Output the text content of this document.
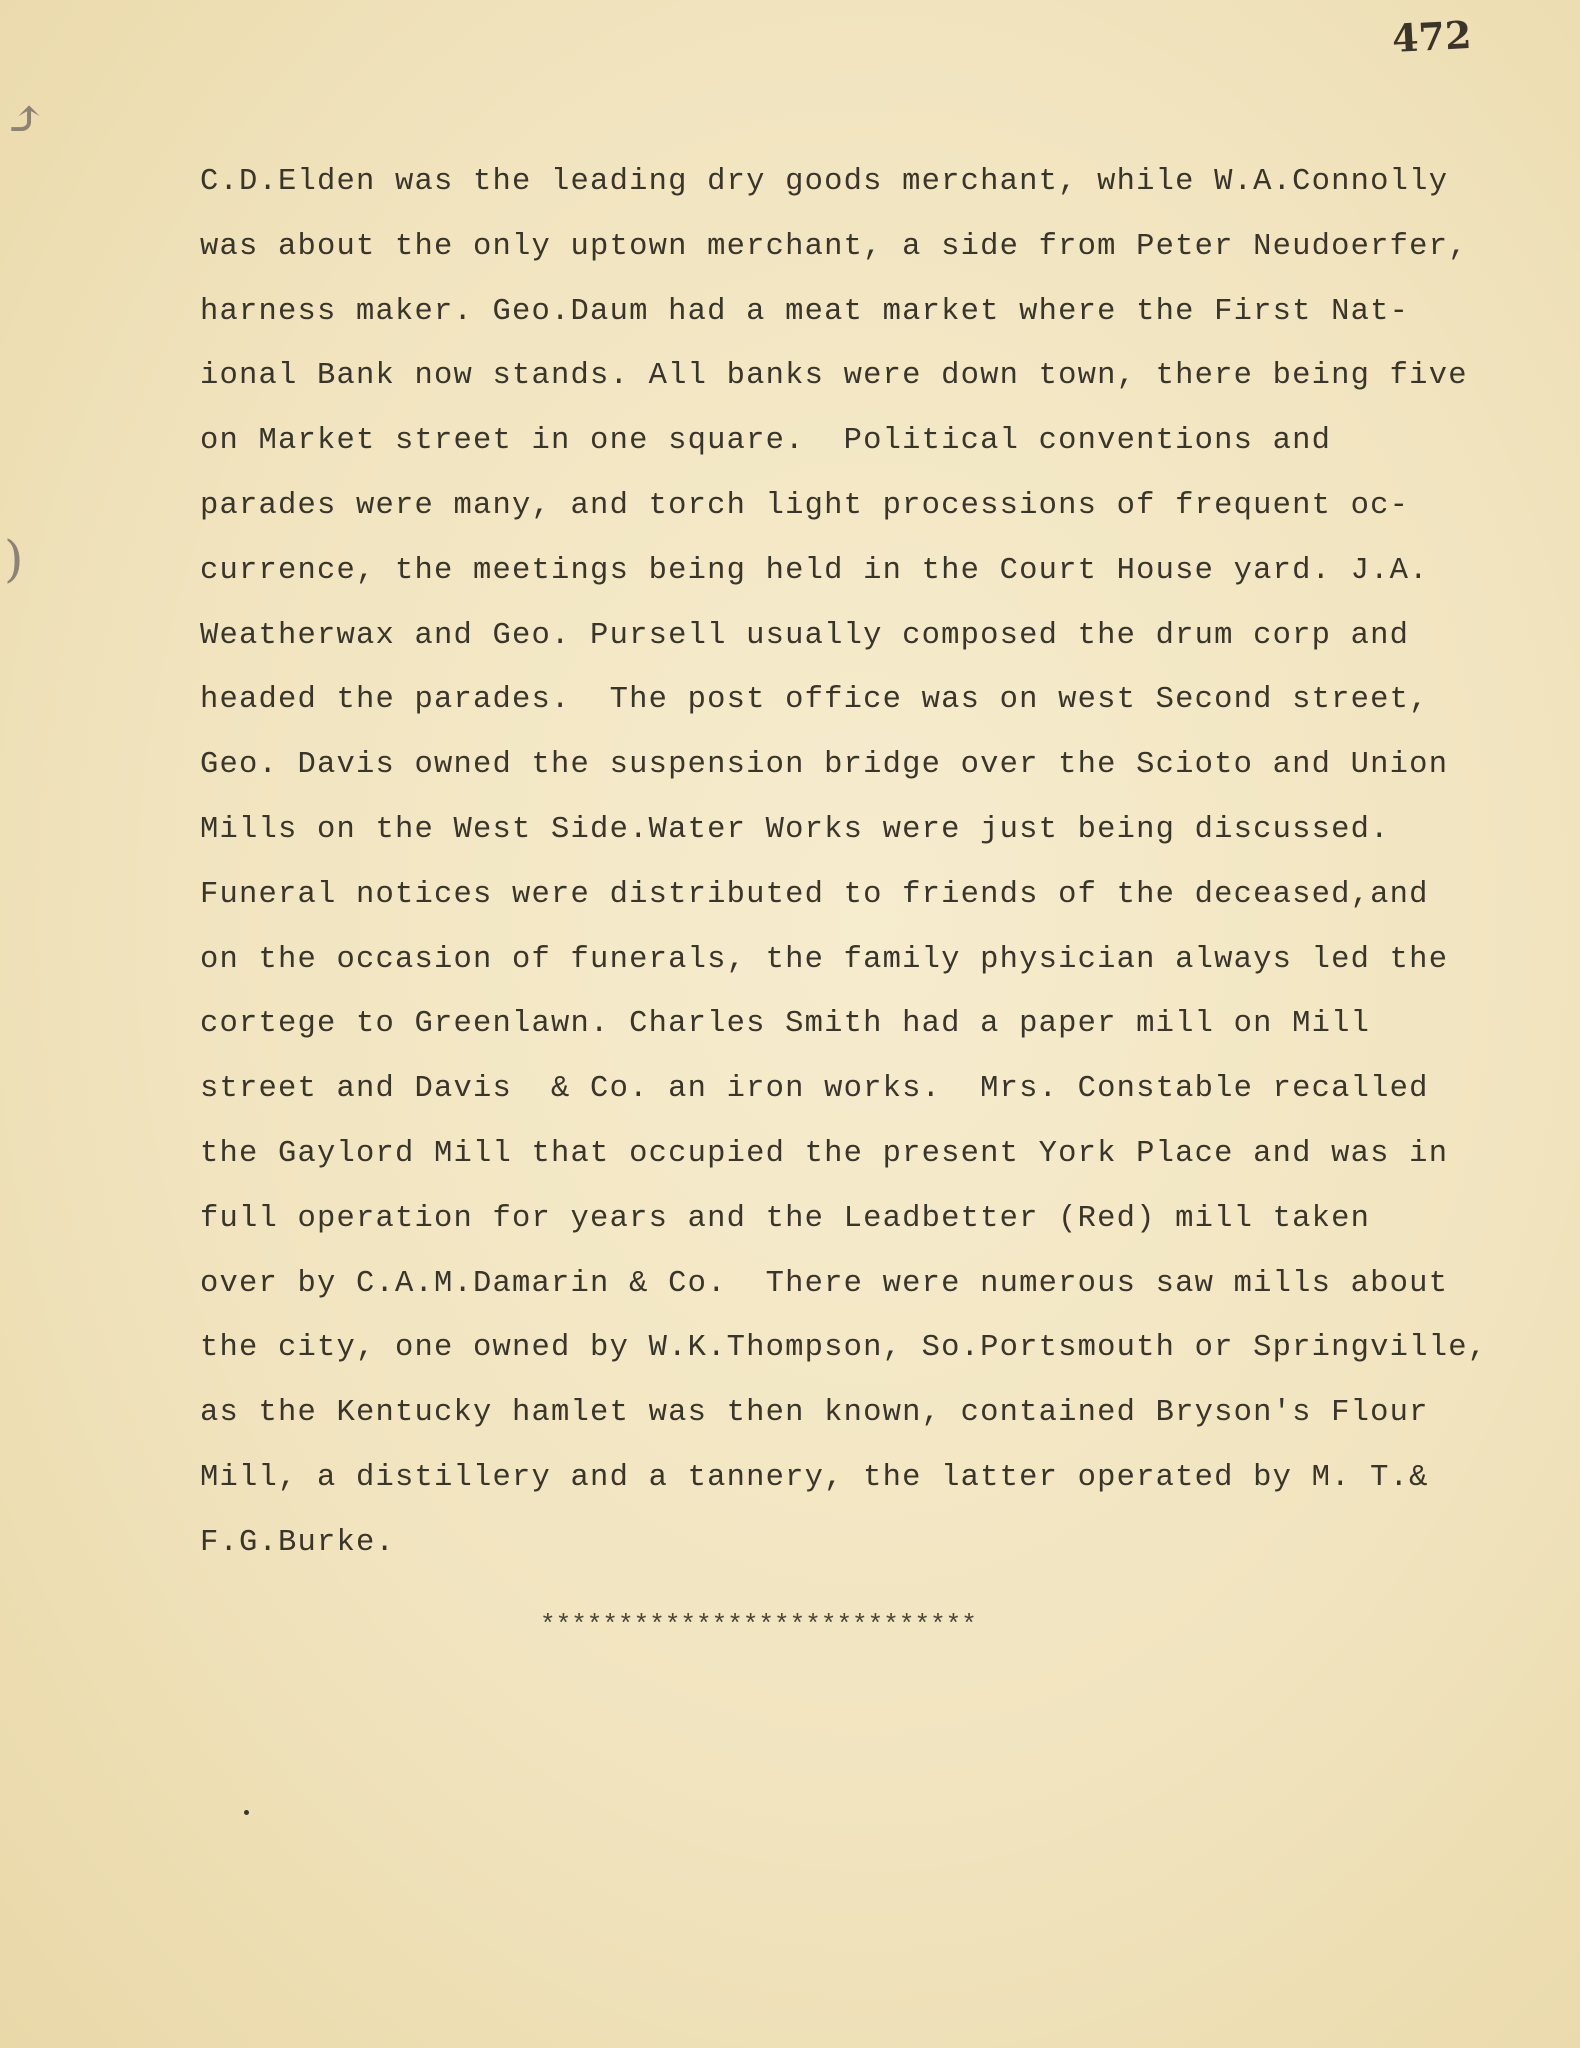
472
⤴
)
C.D.Elden was the leading dry goods merchant, while W.A.Connolly
was about the only uptown merchant, a side from Peter Neudoerfer,
harness maker. Geo.Daum had a meat market where the First Nat-
ional Bank now stands. All banks were down town, there being five
on Market street in one square.  Political conventions and
parades were many, and torch light processions of frequent oc-
currence, the meetings being held in the Court House yard. J.A.
Weatherwax and Geo. Pursell usually composed the drum corp and
headed the parades.  The post office was on west Second street,
Geo. Davis owned the suspension bridge over the Scioto and Union
Mills on the West Side.Water Works were just being discussed.
Funeral notices were distributed to friends of the deceased,and
on the occasion of funerals, the family physician always led the
cortege to Greenlawn. Charles Smith had a paper mill on Mill
street and Davis  & Co. an iron works.  Mrs. Constable recalled
the Gaylord Mill that occupied the present York Place and was in
full operation for years and the Leadbetter (Red) mill taken
over by C.A.M.Damarin & Co.  There were numerous saw mills about
the city, one owned by W.K.Thompson, So.Portsmouth or Springville,
as the Kentucky hamlet was then known, contained Bryson's Flour
Mill, a distillery and a tannery, the latter operated by M. T.&
F.G.Burke.
****************************
